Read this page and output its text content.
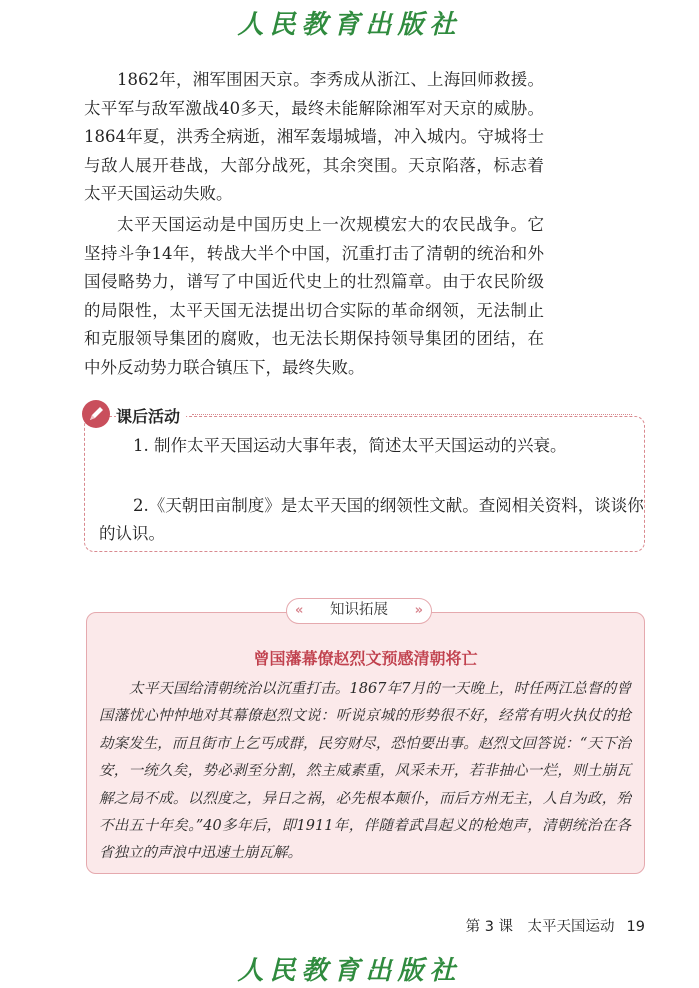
人民教育出版社

1862年，湘军围困天京。李秀成从浙江、上海回师救援。太平军与敌军激战40多天，最终未能解除湘军对天京的威胁。1864年夏，洪秀全病逝，湘军轰塌城墙，冲入城内。守城将士与敌人展开巷战，大部分战死，其余突围。天京陷落，标志着太平天国运动失败。

太平天国运动是中国历史上一次规模宏大的农民战争。它坚持斗争14年，转战大半个中国，沉重打击了清朝的统治和外国侵略势力，谱写了中国近代史上的壮烈篇章。由于农民阶级的局限性，太平天国无法提出切合实际的革命纲领，无法制止和克服领导集团的腐败，也无法长期保持领导集团的团结，在中外反动势力联合镇压下，最终失败。

课后活动
1. 制作太平天国运动大事年表，简述太平天国运动的兴衰。
2.《天朝田亩制度》是太平天国的纲领性文献。查阅相关资料，谈谈你
的认识。
« 知识拓展 »
曾国藩幕僚赵烈文预感清朝将亡

太平天国给清朝统治以沉重打击。1867年7月的一天晚上，时任两江总督的曾国藩忧心忡忡地对其幕僚赵烈文说：听说京城的形势很不好，经常有明火执仗的抢劫案发生，而且街市上乞丐成群，民穷财尽，恐怕要出事。赵烈文回答说：“天下治安，一统久矣，势必剥至分割，然主威素重，风采未开，若非抽心一烂，则土崩瓦解之局不成。以烈度之，异日之祸，必先根本颠仆，而后方州无主，人自为政，殆不出五十年矣。”40多年后，即1911年，伴随着武昌起义的枪炮声，清朝统治在各省独立的声浪中迅速土崩瓦解。

第 3 课　太平天国运动 19
人民教育出版社
